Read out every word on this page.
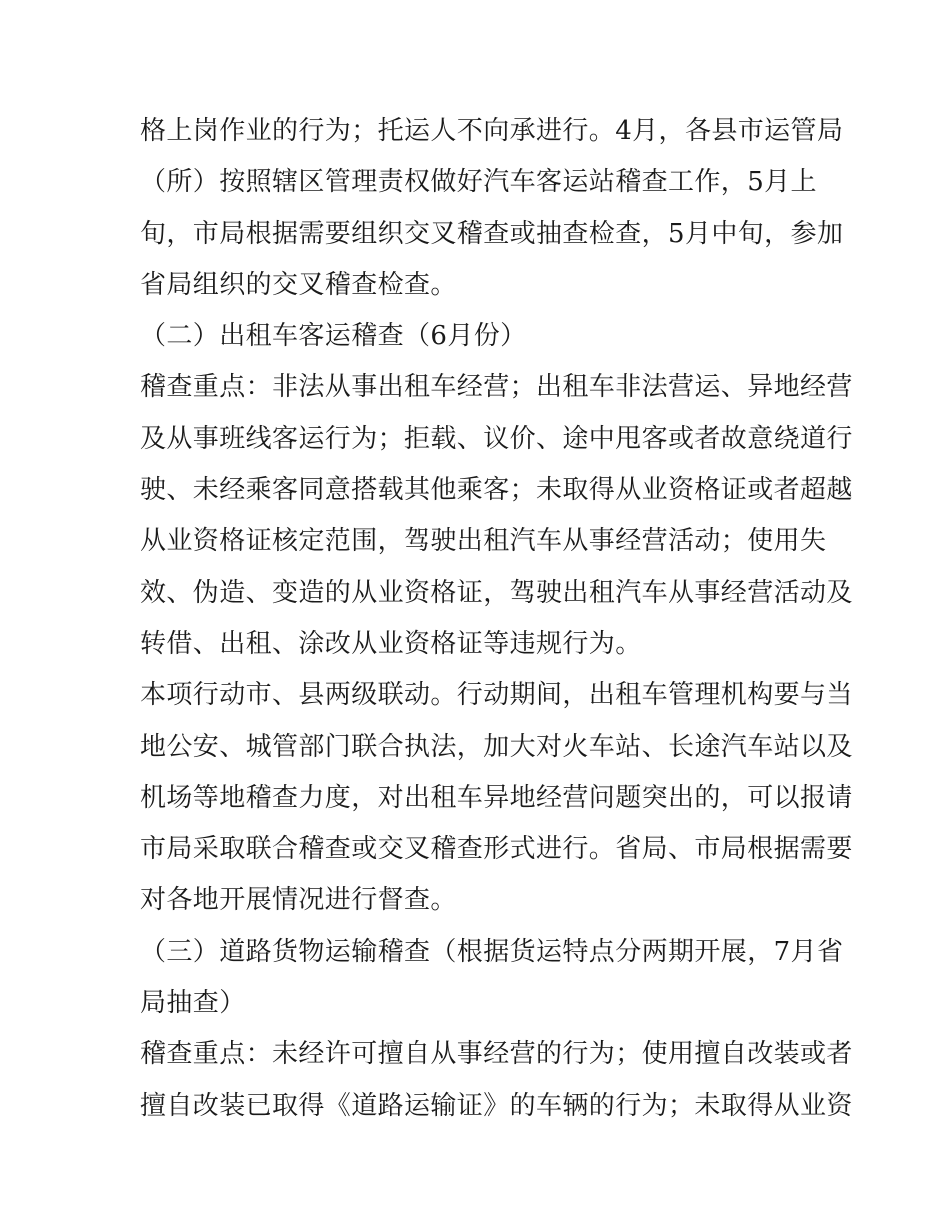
格上岗作业的行为；托运人不向承进行。4月，各县市运管局
（所）按照辖区管理责权做好汽车客运站稽查工作，5月上
旬，市局根据需要组织交叉稽查或抽查检查，5月中旬，参加
省局组织的交叉稽查检查。
（二）出租车客运稽查（6月份）
稽查重点：非法从事出租车经营；出租车非法营运、异地经营
及从事班线客运行为；拒载、议价、途中甩客或者故意绕道行
驶、未经乘客同意搭载其他乘客；未取得从业资格证或者超越
从业资格证核定范围，驾驶出租汽车从事经营活动；使用失
效、伪造、变造的从业资格证，驾驶出租汽车从事经营活动及
转借、出租、涂改从业资格证等违规行为。
本项行动市、县两级联动。行动期间，出租车管理机构要与当
地公安、城管部门联合执法，加大对火车站、长途汽车站以及
机场等地稽查力度，对出租车异地经营问题突出的，可以报请
市局采取联合稽查或交叉稽查形式进行。省局、市局根据需要
对各地开展情况进行督查。
（三）道路货物运输稽查（根据货运特点分两期开展，7月省
局抽查）
稽查重点：未经许可擅自从事经营的行为；使用擅自改装或者
擅自改装已取得《道路运输证》的车辆的行为；未取得从业资
